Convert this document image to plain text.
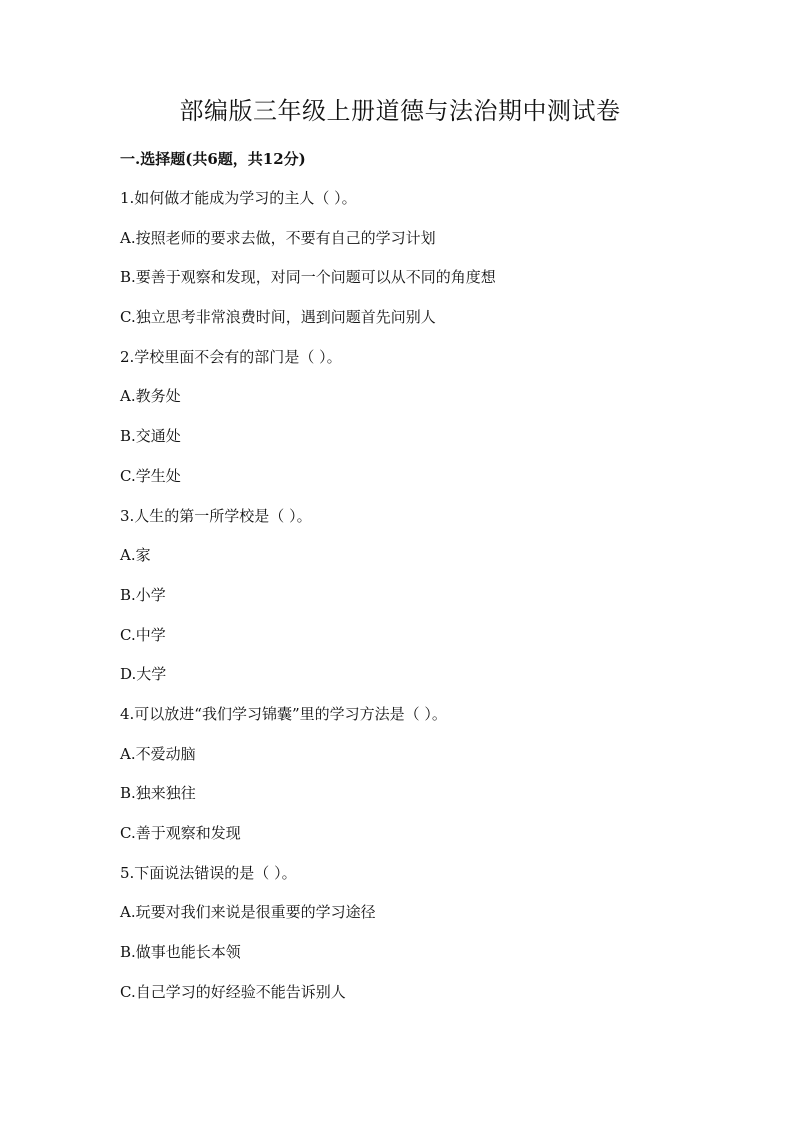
部编版三年级上册道德与法治期中测试卷
一.选择题(共6题，共12分)
1.如何做才能成为学习的主人（ ）。
A.按照老师的要求去做，不要有自己的学习计划
B.要善于观察和发现，对同一个问题可以从不同的角度想
C.独立思考非常浪费时间，遇到问题首先问别人
2.学校里面不会有的部门是（ ）。
A.教务处
B.交通处
C.学生处
3.人生的第一所学校是（ ）。
A.家
B.小学
C.中学
D.大学
4.可以放进“我们学习锦囊”里的学习方法是（ ）。
A.不爱动脑
B.独来独往
C.善于观察和发现
5.下面说法错误的是（ ）。
A.玩要对我们来说是很重要的学习途径
B.做事也能长本领
C.自己学习的好经验不能告诉别人
